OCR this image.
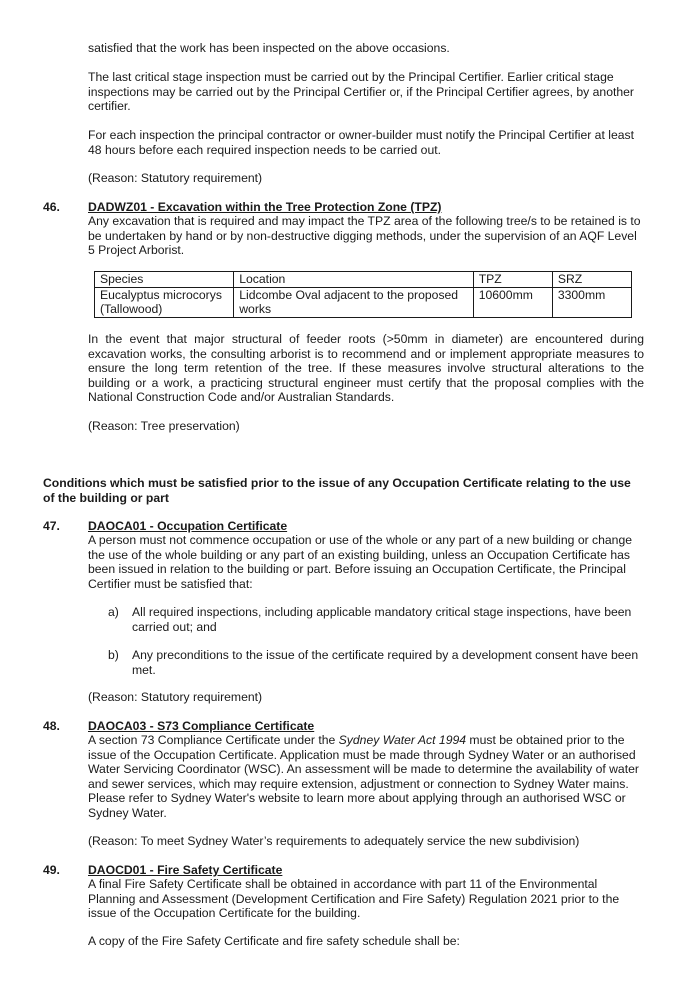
satisfied that the work has been inspected on the above occasions.

The last critical stage inspection must be carried out by the Principal Certifier. Earlier critical stage inspections may be carried out by the Principal Certifier or, if the Principal Certifier agrees, by another certifier.

For each inspection the principal contractor or owner-builder must notify the Principal Certifier at least 48 hours before each required inspection needs to be carried out.

(Reason: Statutory requirement)

46. DADWZ01 - Excavation within the Tree Protection Zone (TPZ)

Any excavation that is required and may impact the TPZ area of the following tree/s to be retained is to be undertaken by hand or by non-destructive digging methods, under the supervision of an AQF Level 5 Project Arborist.

Species	Location	TPZ	SRZ
Eucalyptus microcorys (Tallowood)	Lidcombe Oval adjacent to the proposed works	10600mm	3300mm

In the event that major structural of feeder roots (>50mm in diameter) are encountered during excavation works, the consulting arborist is to recommend and or implement appropriate measures to ensure the long term retention of the tree. If these measures involve structural alterations to the building or a work, a practicing structural engineer must certify that the proposal complies with the National Construction Code and/or Australian Standards.

(Reason: Tree preservation)

Conditions which must be satisfied prior to the issue of any Occupation Certificate relating to the use of the building or part

47. DAOCA01 - Occupation Certificate

A person must not commence occupation or use of the whole or any part of a new building or change the use of the whole building or any part of an existing building, unless an Occupation Certificate has been issued in relation to the building or part. Before issuing an Occupation Certificate, the Principal Certifier must be satisfied that:

a) All required inspections, including applicable mandatory critical stage inspections, have been carried out; and
b) Any preconditions to the issue of the certificate required by a development consent have been met.

(Reason: Statutory requirement)

48. DAOCA03 - S73 Compliance Certificate

A section 73 Compliance Certificate under the Sydney Water Act 1994 must be obtained prior to the issue of the Occupation Certificate. Application must be made through Sydney Water or an authorised Water Servicing Coordinator (WSC). An assessment will be made to determine the availability of water and sewer services, which may require extension, adjustment or connection to Sydney Water mains. Please refer to Sydney Water's website to learn more about applying through an authorised WSC or Sydney Water.

(Reason: To meet Sydney Water’s requirements to adequately service the new subdivision)

49. DAOCD01 - Fire Safety Certificate

A final Fire Safety Certificate shall be obtained in accordance with part 11 of the Environmental Planning and Assessment (Development Certification and Fire Safety) Regulation 2021 prior to the issue of the Occupation Certificate for the building.

A copy of the Fire Safety Certificate and fire safety schedule shall be:
